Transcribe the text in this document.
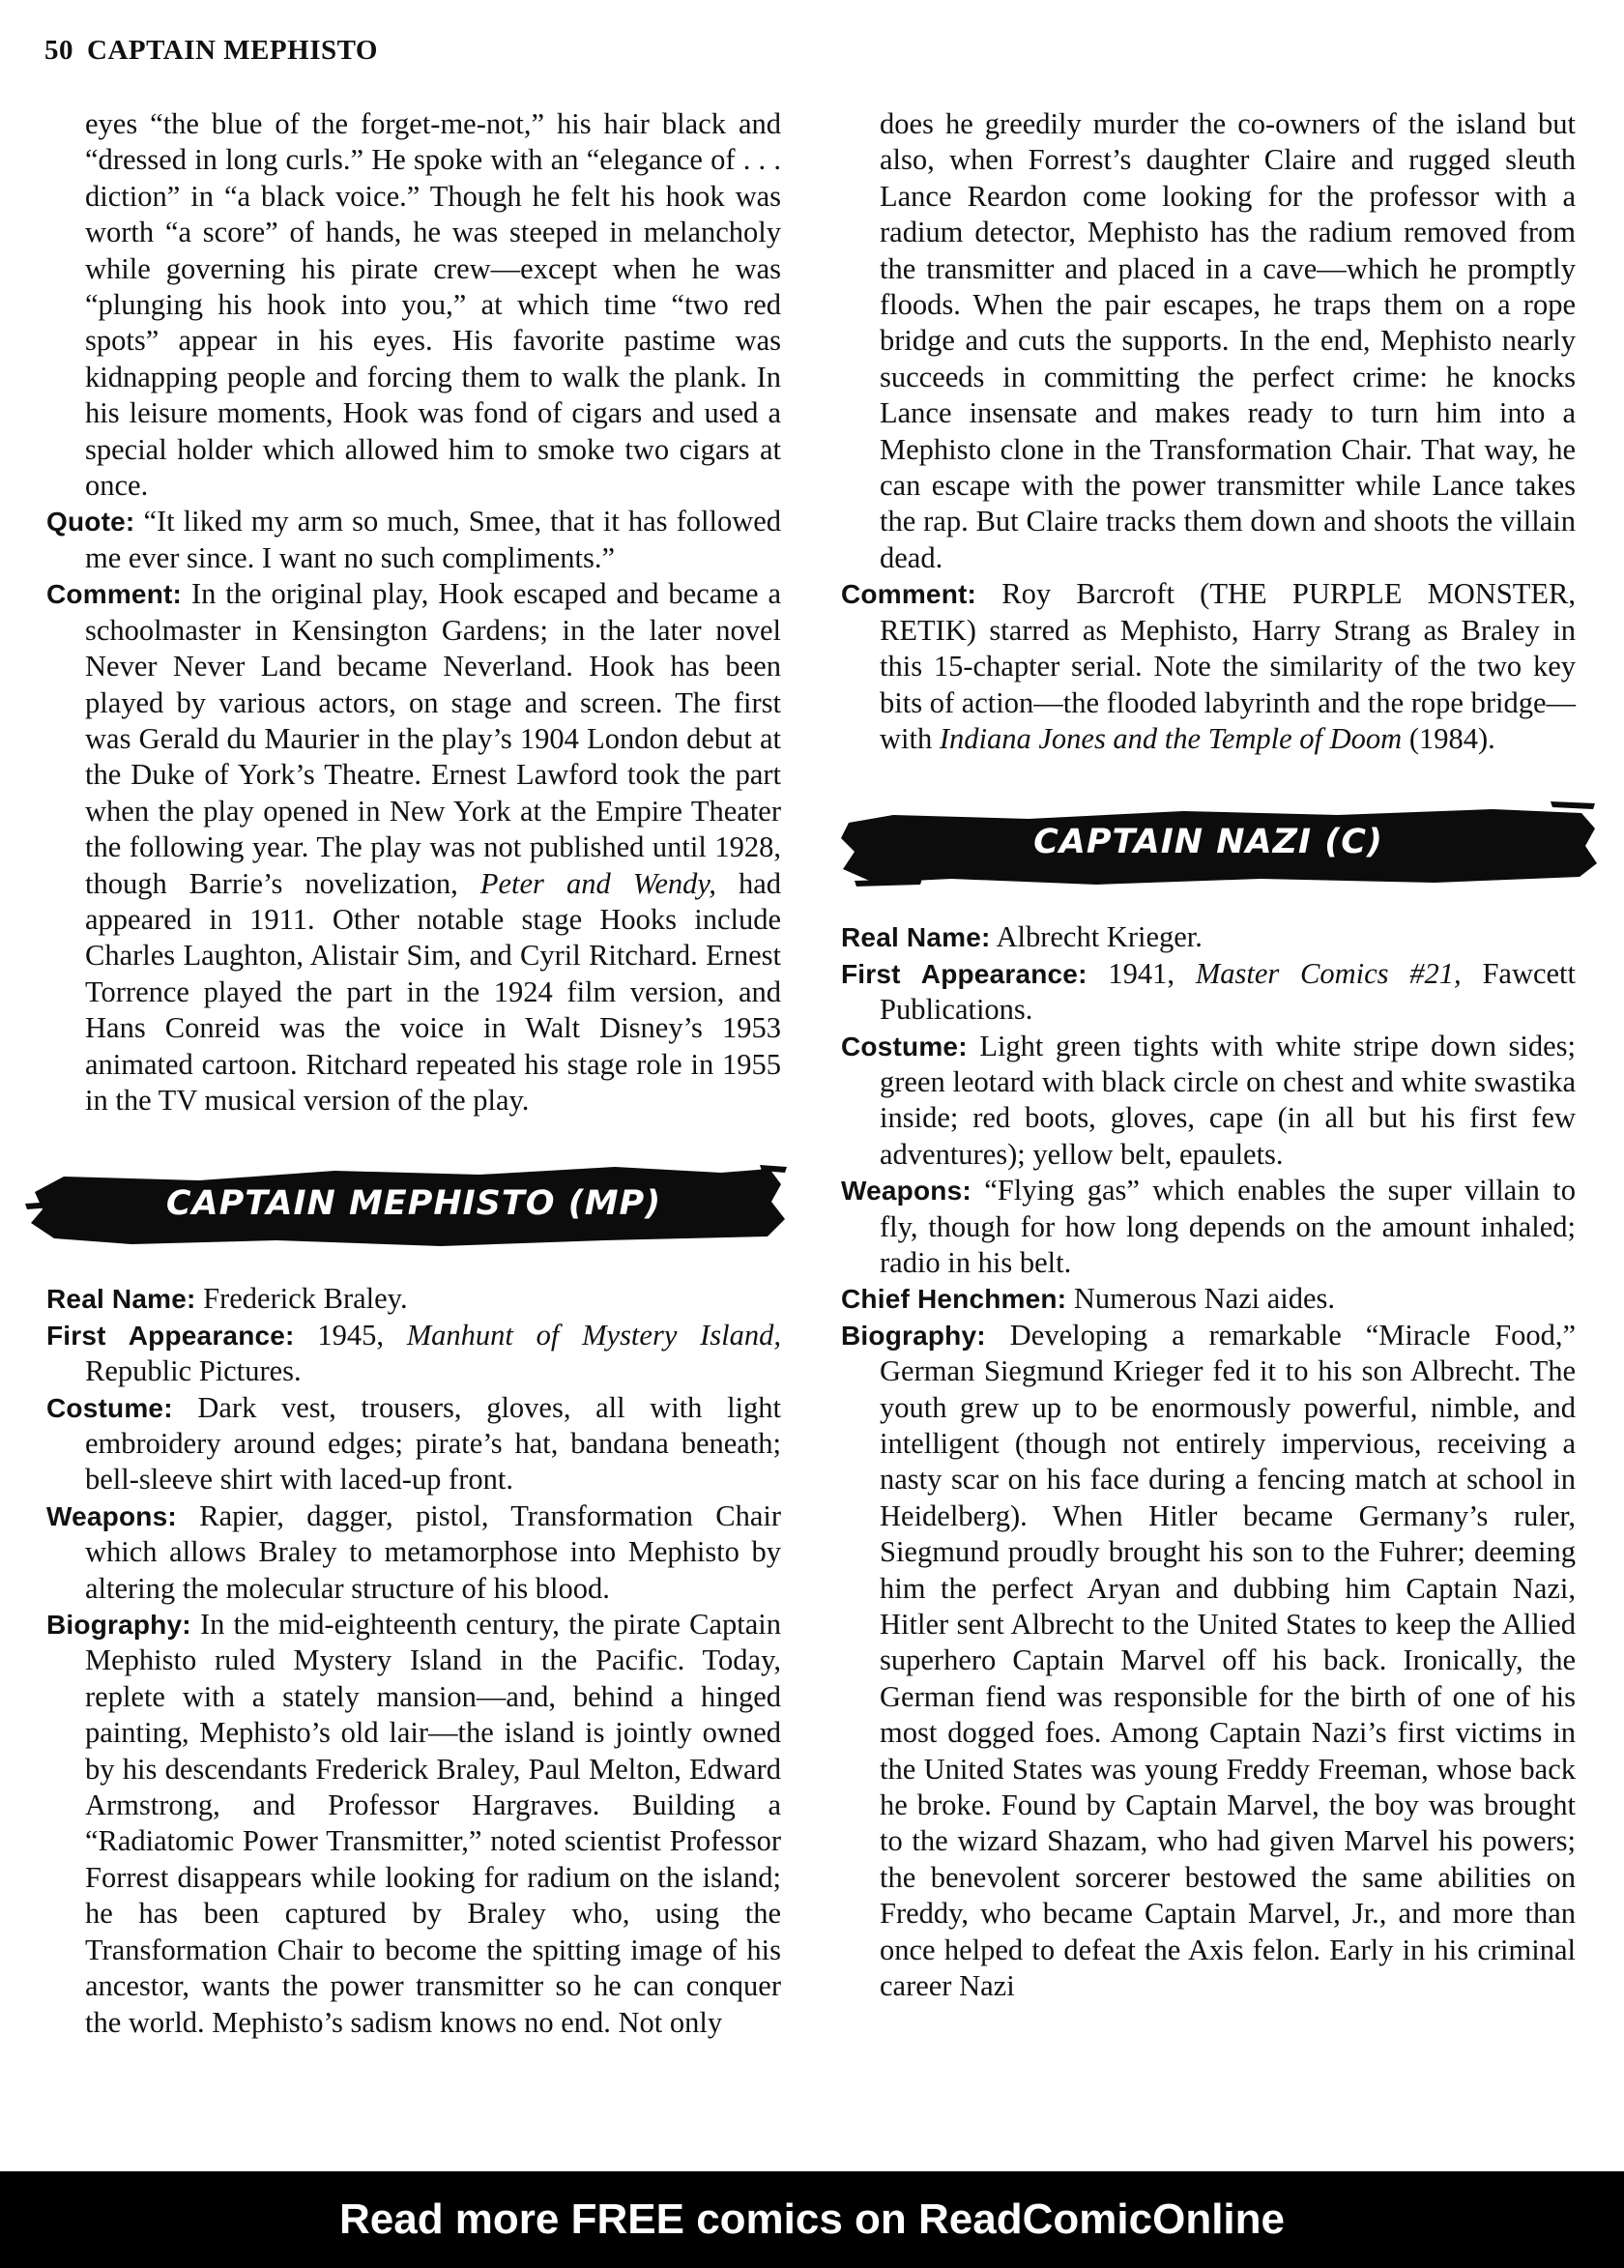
50 CAPTAIN MEPHISTO

eyes “the blue of the forget-me-not,” his hair black and “dressed in long curls.” He spoke with an “elegance of . . . diction” in “a black voice.” Though he felt his hook was worth “a score” of hands, he was steeped in melancholy while governing his pirate crew—except when he was “plunging his hook into you,” at which time “two red spots” appear in his eyes. His favorite pastime was kidnapping people and forcing them to walk the plank. In his leisure moments, Hook was fond of cigars and used a special holder which allowed him to smoke two cigars at once.

Quote: “It liked my arm so much, Smee, that it has followed me ever since. I want no such compliments.”

Comment: In the original play, Hook escaped and became a schoolmaster in Kensington Gardens; in the later novel Never Never Land became Neverland. Hook has been played by various actors, on stage and screen. The first was Gerald du Maurier in the play’s 1904 London debut at the Duke of York’s Theatre. Ernest Lawford took the part when the play opened in New York at the Empire Theater the following year. The play was not published until 1928, though Barrie’s novelization, Peter and Wendy, had appeared in 1911. Other notable stage Hooks include Charles Laughton, Alistair Sim, and Cyril Ritchard. Ernest Torrence played the part in the 1924 film version, and Hans Conreid was the voice in Walt Disney’s 1953 animated cartoon. Ritchard repeated his stage role in 1955 in the TV musical version of the play.

CAPTAIN MEPHISTO (MP)

Real Name: Frederick Braley.

First Appearance: 1945, Manhunt of Mystery Island, Republic Pictures.

Costume: Dark vest, trousers, gloves, all with light embroidery around edges; pirate’s hat, bandana beneath; bell-sleeve shirt with laced-up front.

Weapons: Rapier, dagger, pistol, Transformation Chair which allows Braley to metamorphose into Mephisto by altering the molecular structure of his blood.

Biography: In the mid-eighteenth century, the pirate Captain Mephisto ruled Mystery Island in the Pacific. Today, replete with a stately mansion—and, behind a hinged painting, Mephisto’s old lair—the island is jointly owned by his descendants Frederick Braley, Paul Melton, Edward Armstrong, and Professor Hargraves. Building a “Radiatomic Power Transmitter,” noted scientist Professor Forrest disappears while looking for radium on the island; he has been captured by Braley who, using the Transformation Chair to become the spitting image of his ancestor, wants the power transmitter so he can conquer the world. Mephisto’s sadism knows no end. Not only

does he greedily murder the co-owners of the island but also, when Forrest’s daughter Claire and rugged sleuth Lance Reardon come looking for the professor with a radium detector, Mephisto has the radium removed from the transmitter and placed in a cave—which he promptly floods. When the pair escapes, he traps them on a rope bridge and cuts the supports. In the end, Mephisto nearly succeeds in committing the perfect crime: he knocks Lance insensate and makes ready to turn him into a Mephisto clone in the Transformation Chair. That way, he can escape with the power transmitter while Lance takes the rap. But Claire tracks them down and shoots the villain dead.

Comment: Roy Barcroft (THE PURPLE MONSTER, RETIK) starred as Mephisto, Harry Strang as Braley in this 15-chapter serial. Note the similarity of the two key bits of action—the flooded labyrinth and the rope bridge—with Indiana Jones and the Temple of Doom (1984).

CAPTAIN NAZI (C)

Real Name: Albrecht Krieger.

First Appearance: 1941, Master Comics #21, Fawcett Publications.

Costume: Light green tights with white stripe down sides; green leotard with black circle on chest and white swastika inside; red boots, gloves, cape (in all but his first few adventures); yellow belt, epaulets.

Weapons: “Flying gas” which enables the super villain to fly, though for how long depends on the amount inhaled; radio in his belt.

Chief Henchmen: Numerous Nazi aides.

Biography: Developing a remarkable “Miracle Food,” German Siegmund Krieger fed it to his son Albrecht. The youth grew up to be enormously powerful, nimble, and intelligent (though not entirely impervious, receiving a nasty scar on his face during a fencing match at school in Heidelberg). When Hitler became Germany’s ruler, Siegmund proudly brought his son to the Fuhrer; deeming him the perfect Aryan and dubbing him Captain Nazi, Hitler sent Albrecht to the United States to keep the Allied superhero Captain Marvel off his back. Ironically, the German fiend was responsible for the birth of one of his most dogged foes. Among Captain Nazi’s first victims in the United States was young Freddy Freeman, whose back he broke. Found by Captain Marvel, the boy was brought to the wizard Shazam, who had given Marvel his powers; the benevolent sorcerer bestowed the same abilities on Freddy, who became Captain Marvel, Jr., and more than once helped to defeat the Axis felon. Early in his criminal career Nazi

Read more FREE comics on ReadComicOnline
